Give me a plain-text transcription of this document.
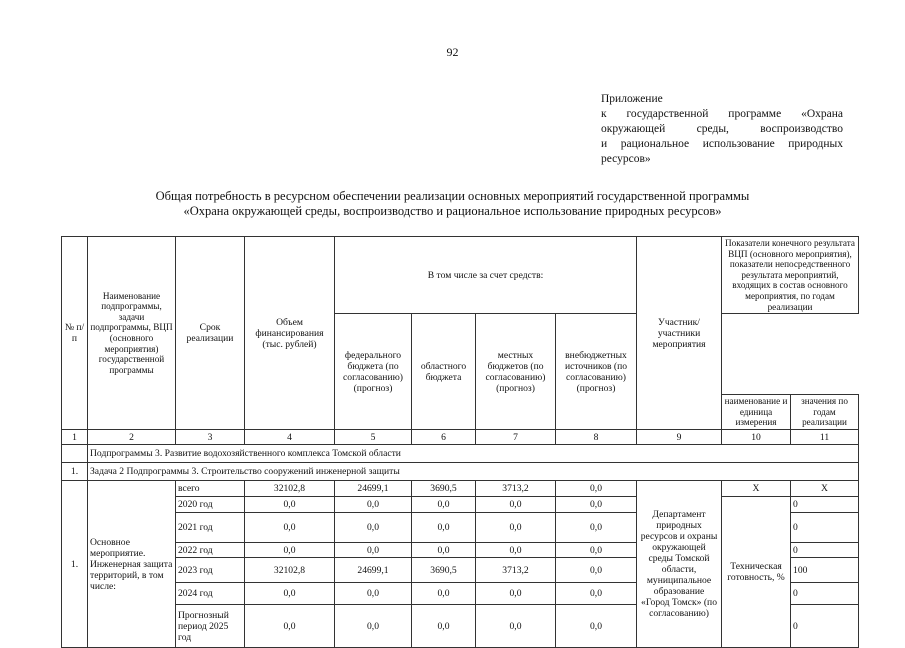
92
Приложение
к государственной программе «Охрана
окружающей среды, воспроизводство
и рациональное использование природных
ресурсов»
Общая потребность в ресурсном обеспечении реализации основных мероприятий государственной программы
«Охрана окружающей среды, воспроизводство и рациональное использование природных ресурсов»
№ п/п	Наименование подпрограммы, задачи подпрограммы, ВЦП (основного мероприятия) государственной программы	Срок реализации	Объем финансирования (тыс. рублей)	В том числе за счет средств:				Участник/ участники мероприятия	Показатели конечного результата ВЦП (основного мероприятия), показатели непосредственного результата мероприятий, входящих в состав основного мероприятия, по годам реализации	
				федерального бюджета (по согласованию) (прогноз)	областного бюджета	местных бюджетов (по согласованию) (прогноз)	внебюджетных источников (по согласованию) (прогноз)			
									наименование и единица измерения	значения по годам реализации
1	2	3	4	5	6	7	8	9	10	11
	Подпрограммы 3. Развитие водохозяйственного комплекса Томской области									
1.	Задача 2 Подпрограммы 3. Строительство сооружений инженерной защиты									
1.	Основное мероприятие. Инженерная защита территорий, в том числе:	всего	32102,8	24699,1	3690,5	3713,2	0,0	Департамент природных ресурсов и охраны окружающей среды Томской области, муниципальное образование «Город Томск» (по согласованию)	Х	Х
		2020 год	0,0	0,0	0,0	0,0	0,0		Техническая готовность, %	0
		2021 год	0,0	0,0	0,0	0,0	0,0			0
		2022 год	0,0	0,0	0,0	0,0	0,0			0
		2023 год	32102,8	24699,1	3690,5	3713,2	0,0			100
		2024 год	0,0	0,0	0,0	0,0	0,0			0
		Прогнозный период 2025 год	0,0	0,0	0,0	0,0	0,0			0
